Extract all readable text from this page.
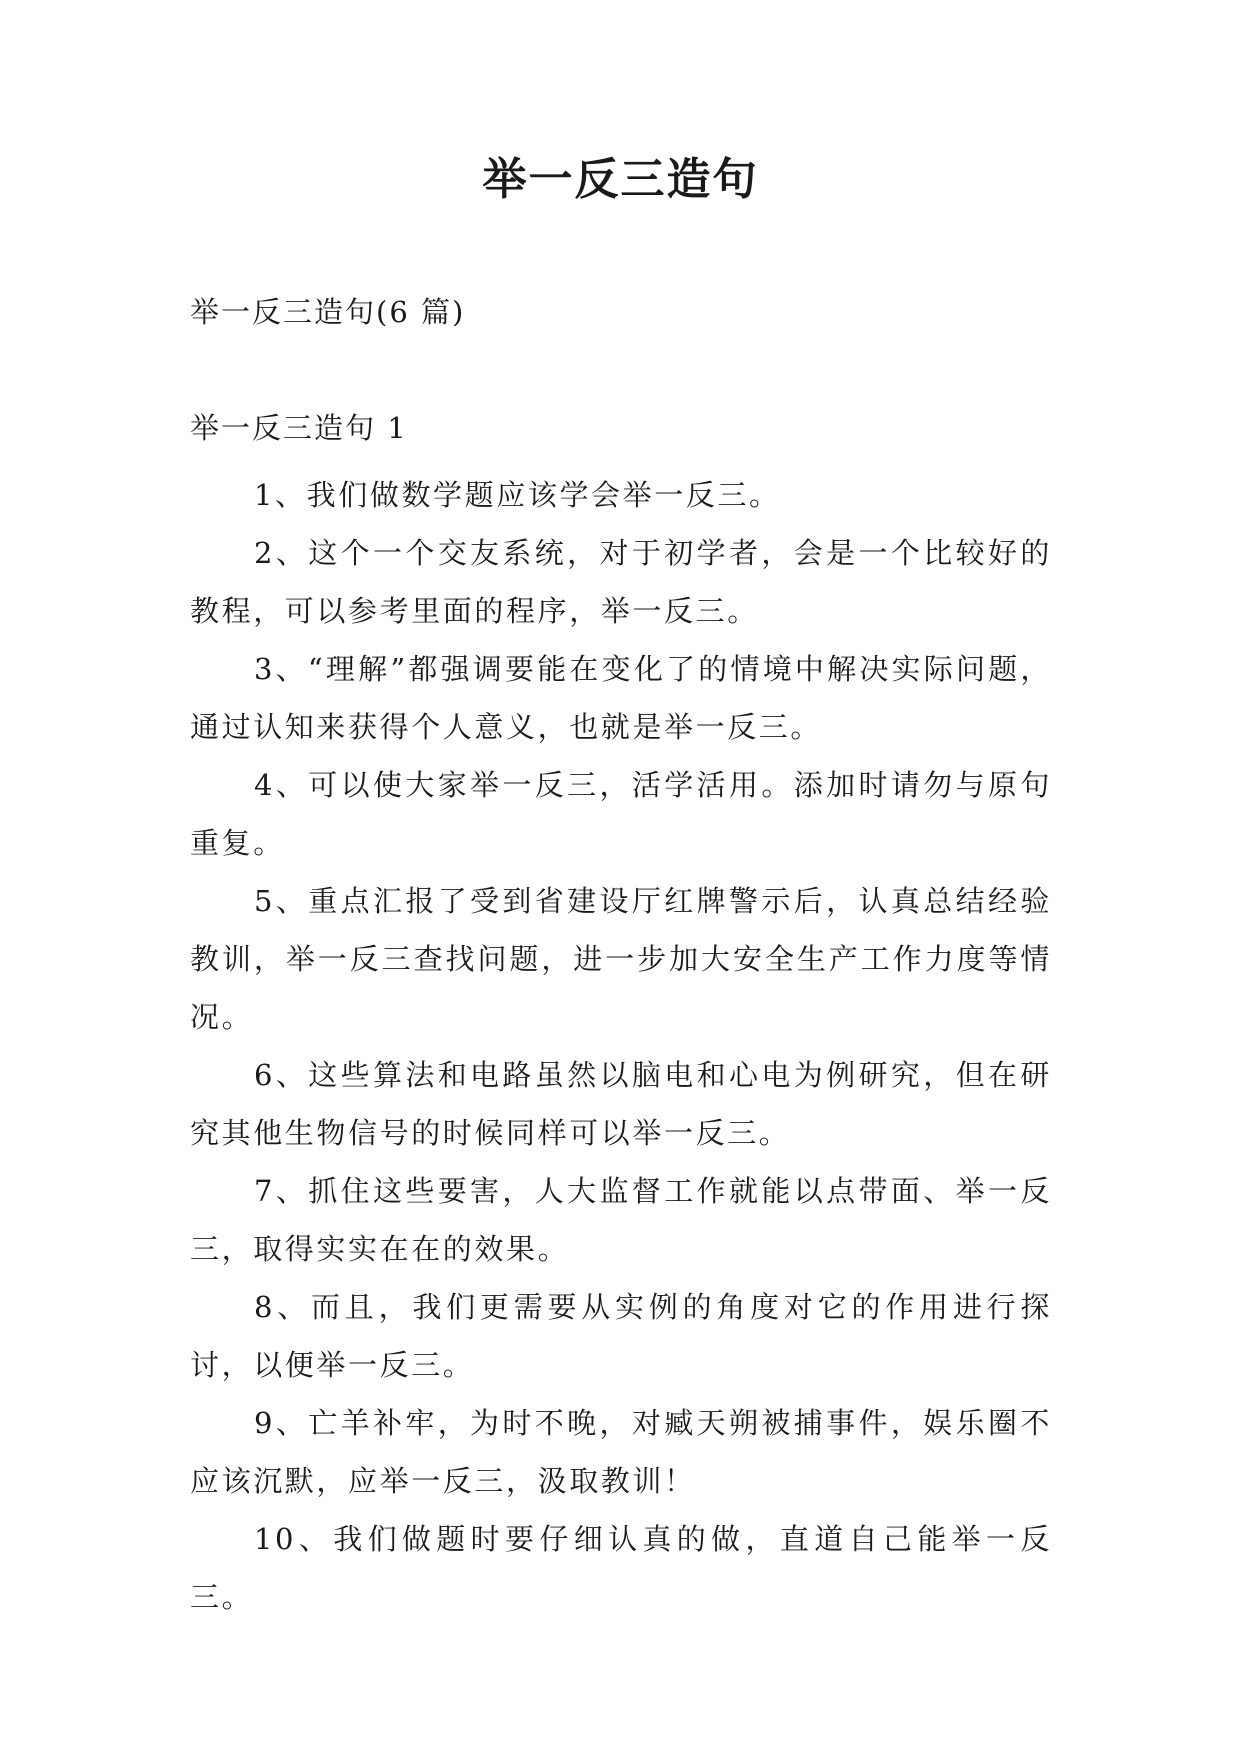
举一反三造句

举一反三造句(6 篇)

举一反三造句 1

1、我们做数学题应该学会举一反三。

2、这个一个交友系统，对于初学者，会是一个比较好的教程，可以参考里面的程序，举一反三。

3、“理解”都强调要能在变化了的情境中解决实际问题，通过认知来获得个人意义，也就是举一反三。

4、可以使大家举一反三，活学活用。添加时请勿与原句重复。

5、重点汇报了受到省建设厅红牌警示后，认真总结经验教训，举一反三查找问题，进一步加大安全生产工作力度等情况。

6、这些算法和电路虽然以脑电和心电为例研究，但在研究其他生物信号的时候同样可以举一反三。

7、抓住这些要害，人大监督工作就能以点带面、举一反三，取得实实在在的效果。

8、而且，我们更需要从实例的角度对它的作用进行探讨，以便举一反三。

9、亡羊补牢，为时不晚，对臧天朔被捕事件，娱乐圈不应该沉默，应举一反三，汲取教训！

10、我们做题时要仔细认真的做，直道自己能举一反三。
